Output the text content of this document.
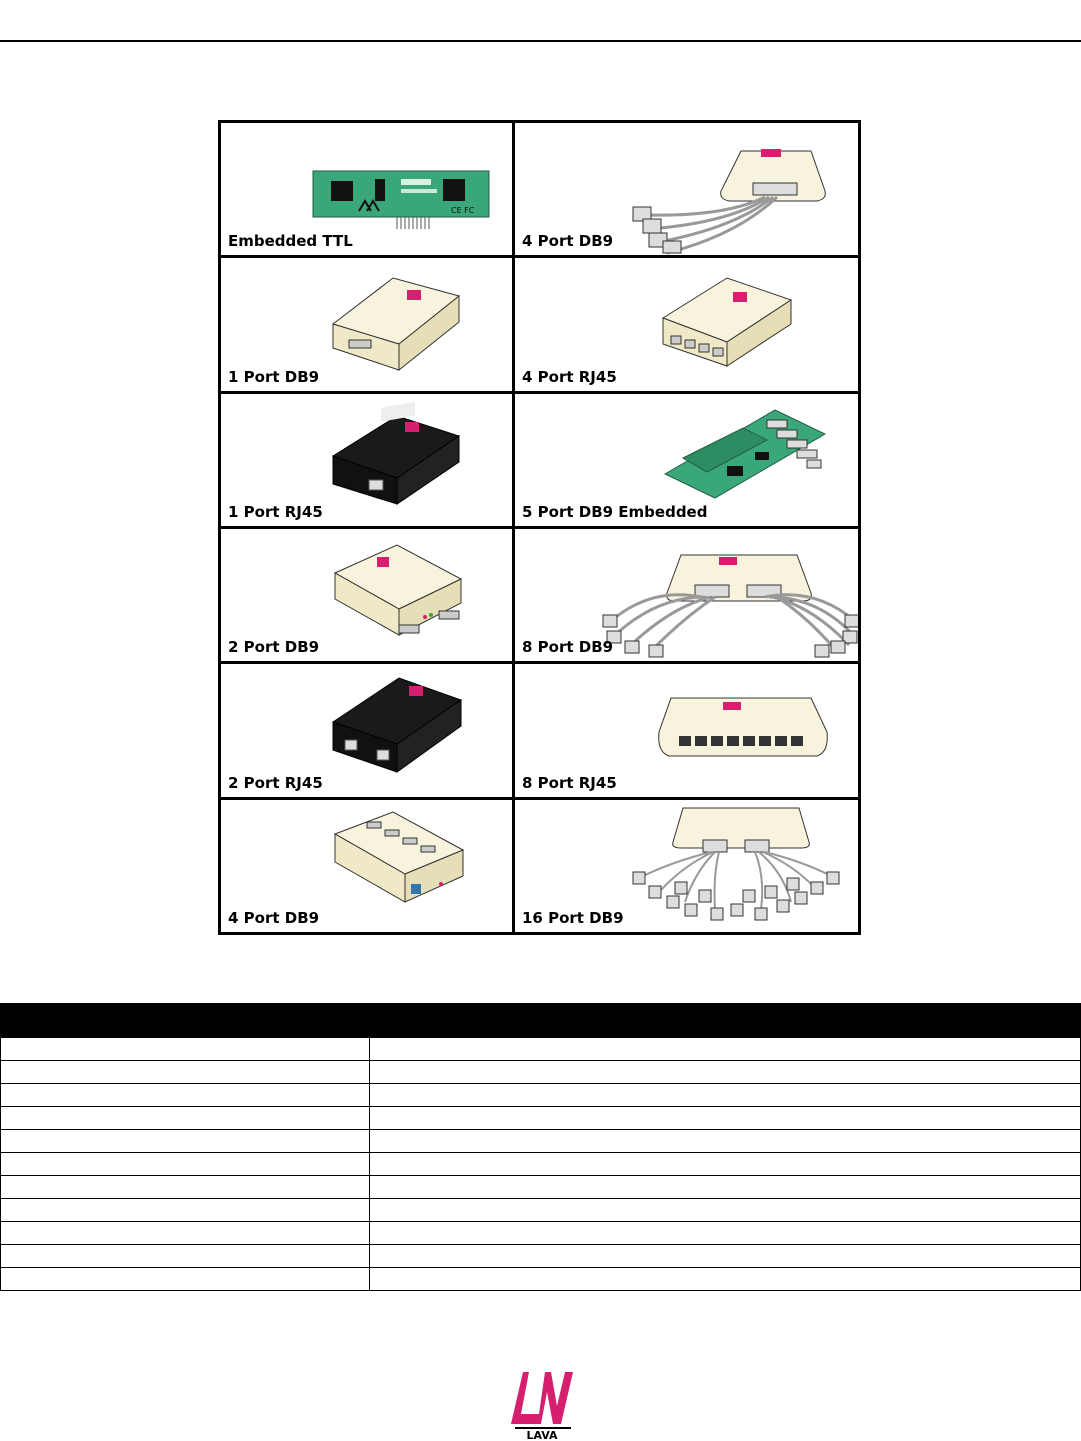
CE FC
Embedded TTL	4 Port DB9
1 Port DB9	4 Port RJ45
1 Port RJ45	5 Port DB9 Embedded
2 Port DB9	8 Port DB9
2 Port RJ45	8 Port RJ45
4 Port DB9	16 Port DB9

LAVA
